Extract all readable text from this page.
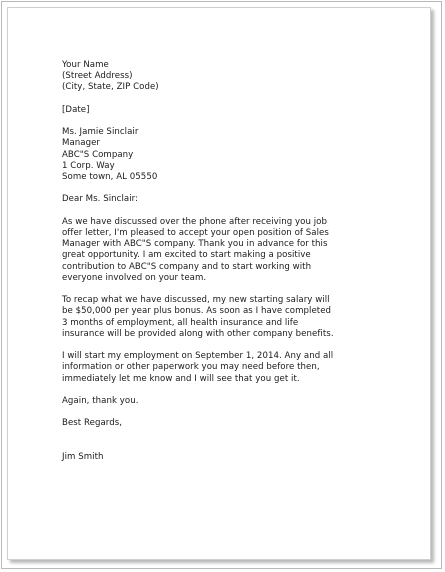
Your Name
(Street Address)
(City, State, ZIP Code)
[Date]
Ms. Jamie Sinclair
Manager
ABC"S Company
1 Corp. Way
Some town, AL 05550
Dear Ms. Sinclair:
As we have discussed over the phone after receiving you job
offer letter, I'm pleased to accept your open position of Sales
Manager with ABC"S company. Thank you in advance for this
great opportunity. I am excited to start making a positive
contribution to ABC"S company and to start working with
everyone involved on your team.
To recap what we have discussed, my new starting salary will
be $50,000 per year plus bonus. As soon as I have completed
3 months of employment, all health insurance and life
insurance will be provided along with other company benefits.
I will start my employment on September 1, 2014. Any and all
information or other paperwork you may need before then,
immediately let me know and I will see that you get it.
Again, thank you.
Best Regards,
Jim Smith
